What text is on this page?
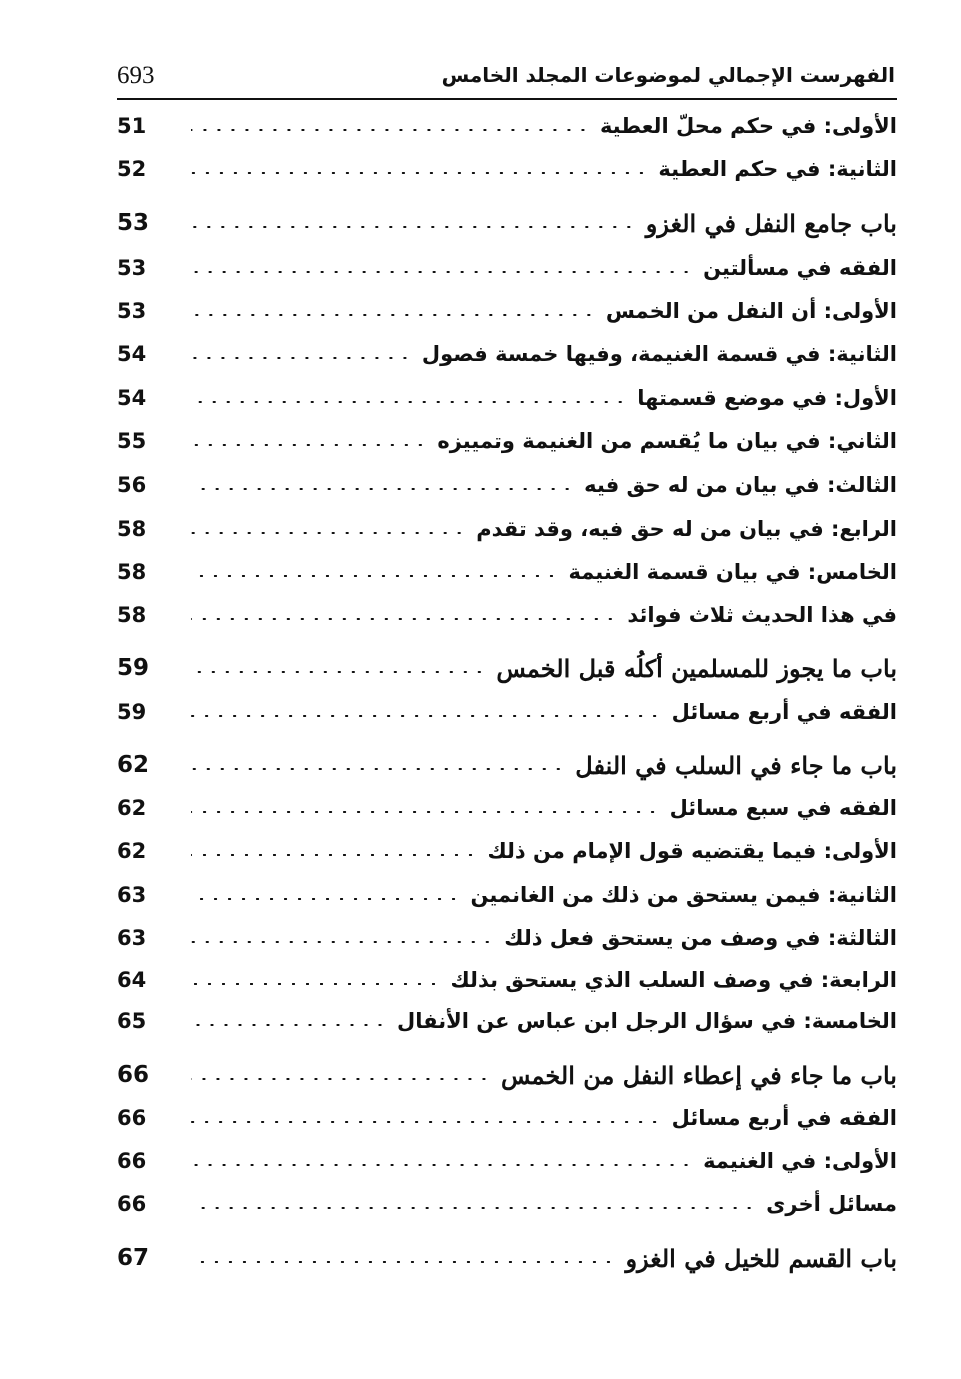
693	الفهرست الإجمالي لموضوعات المجلد الخامس
51	الأولى: في حكم محلّ العطية
52	الثانية: في حكم العطية
53	باب جامع النفل في الغزو
53	الفقه في مسألتين
53	الأولى: أن النفل من الخمس
54	الثانية: في قسمة الغنيمة، وفيها خمسة فصول
54	الأول: في موضع قسمتها
55	الثاني: في بيان ما يُقسم من الغنيمة وتمييزه
56	الثالث: في بيان من له حق فيه
58	الرابع: في بيان من له حق فيه، وقد تقدم
58	الخامس: في بيان قسمة الغنيمة
58	في هذا الحديث ثلاث فوائد
59	باب ما يجوز للمسلمين أكلُه قبل الخمس
59	الفقه في أربع مسائل
62	باب ما جاء في السلب في النفل
62	الفقه في سبع مسائل
62	الأولى: فيما يقتضيه قول الإمام من ذلك
63	الثانية: فيمن يستحق من ذلك من الغانمين
63	الثالثة: في وصف من يستحق فعل ذلك
64	الرابعة: في وصف السلب الذي يستحق بذلك
65	الخامسة: في سؤال الرجل ابن عباس عن الأنفال
66	باب ما جاء في إعطاء النفل من الخمس
66	الفقه في أربع مسائل
66	الأولى: في الغنيمة
66	مسائل أخرى
67	باب القسم للخيل في الغزو
